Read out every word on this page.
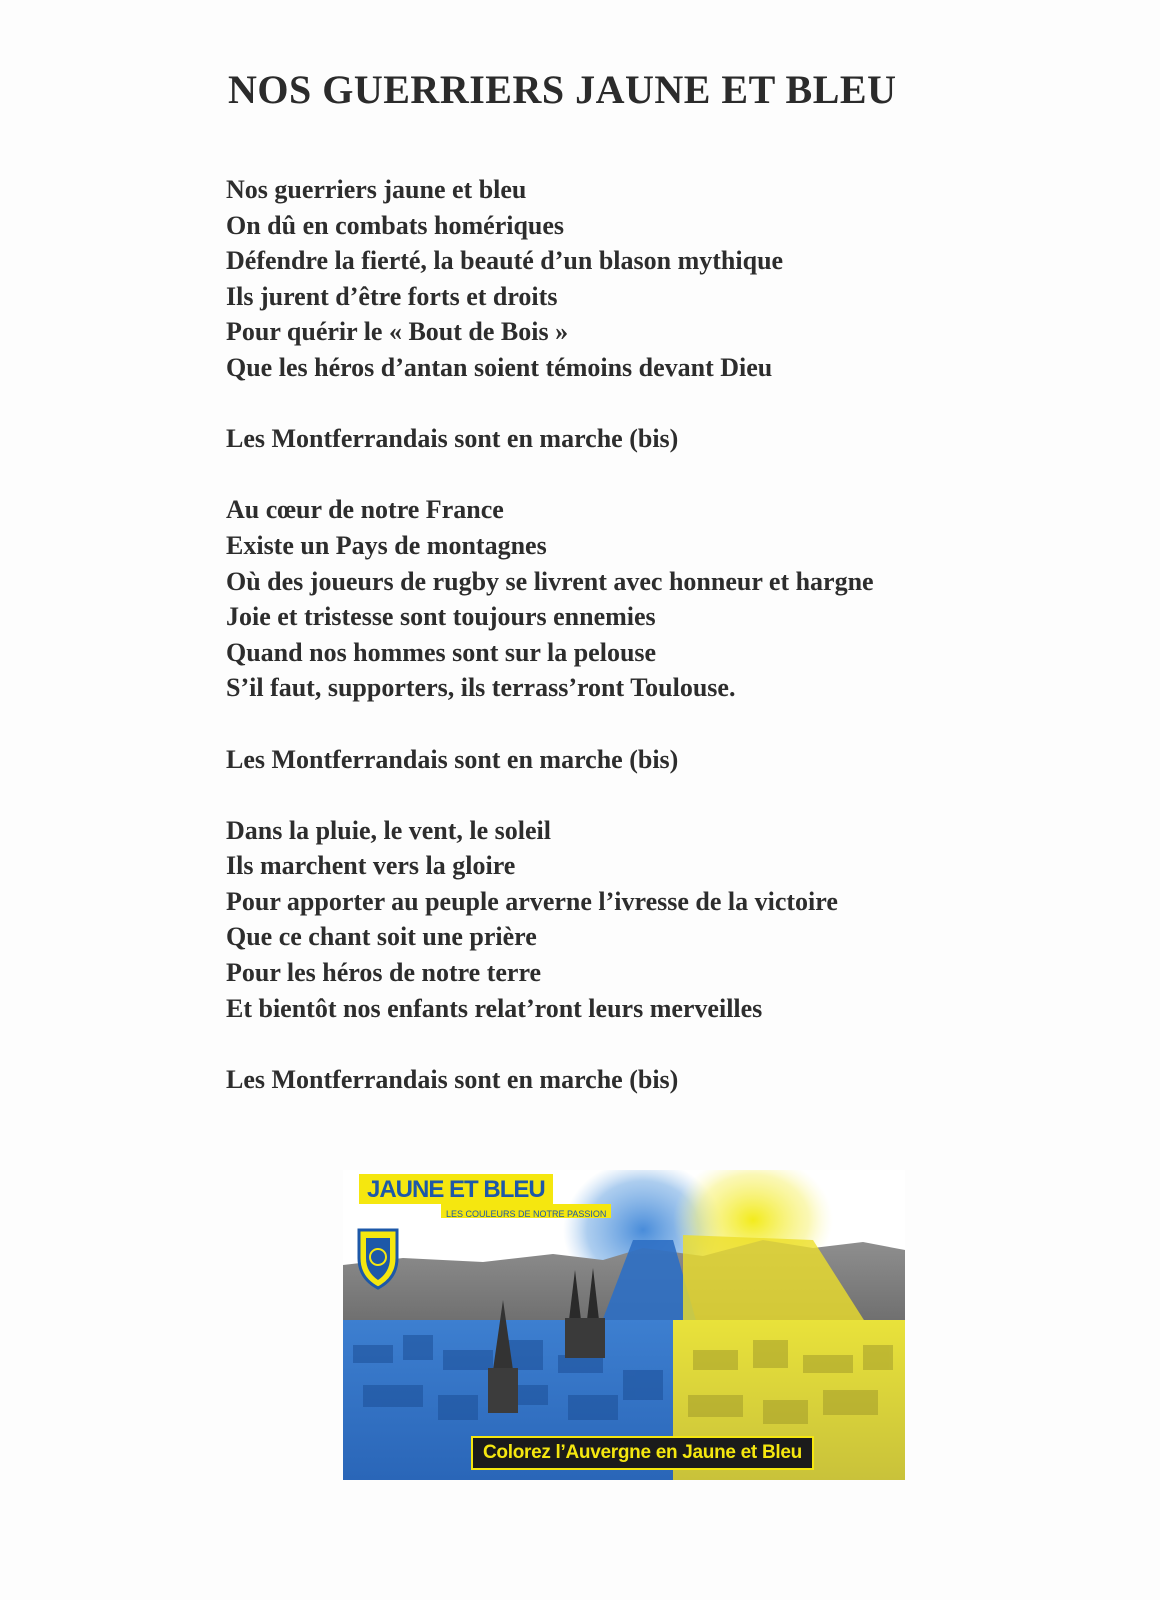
NOS GUERRIERS JAUNE ET BLEU
Nos guerriers jaune et bleu
On dû en combats homériques
Défendre la fierté, la beauté d’un blason mythique
Ils jurent d’être forts et droits
Pour quérir le « Bout de Bois »
Que les héros d’antan soient témoins devant Dieu

Les Montferrandais sont en marche (bis)

Au cœur de notre France
Existe un Pays de montagnes
Où des joueurs de rugby se livrent avec honneur et hargne
Joie et tristesse sont toujours ennemies
Quand nos hommes sont sur la pelouse
S’il faut, supporters, ils terrass’ront Toulouse.

Les Montferrandais sont en marche (bis)

Dans la pluie, le vent, le soleil
Ils marchent vers la gloire
Pour apporter au peuple arverne l’ivresse de la victoire
Que ce chant soit une prière
Pour les héros de notre terre
Et bientôt nos enfants relat’ront leurs merveilles

Les Montferrandais sont en marche (bis)

JAUNE ET BLEU
LES COULEURS DE NOTRE PASSION
Colorez l’Auvergne en Jaune et Bleu
